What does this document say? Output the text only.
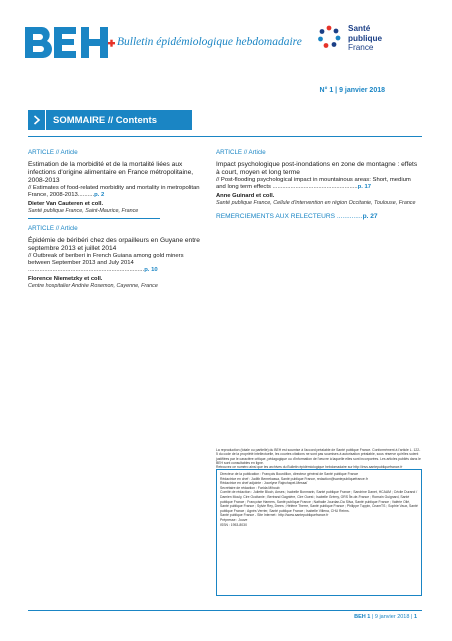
Bulletin épidémiologique hebdomadaire
Santé
publique
France
N° 1 | 9 janvier 2018
SOMMAIRE // Contents
ARTICLE // Article
Estimation de la morbidité et de la mortalité liées aux infections d'origine alimentaire en France métropolitaine, 2008-2013
// Estimates of food-related morbidity and mortality in metropolitan France, 2008-2013..........p. 2
Dieter Van Cauteren et coll.
Santé publique France, Saint-Maurice, France
ARTICLE // Article
Épidémie de béribéri chez des orpailleurs en Guyane entre septembre 2013 et juillet 2014
// Outbreak of beriberi in French Guiana among gold miners between September 2013 and July 2014 .......................................................................p. 10
Florence Niemetzky et coll.
Centre hospitalier Andrée Rosemon, Cayenne, France
ARTICLE // Article
Impact psychologique post-inondations en zone de montagne : effets à court, moyen et long terme
// Post-flooding psychological impact in mountainous areas: Short, medium and long term effects ....................................................p. 17
Anne Guinard et coll.
Santé publique France, Cellule d'intervention en région Occitanie, Toulouse, France
REMERCIEMENTS AUX RELECTEURS ..............p. 27
La reproduction (totale ou partielle) du BEH est soumise à l'accord préalable de Santé publique France. Conformément à l'article L. 122-5 du code de la propriété intellectuelle, les courtes citations ne sont pas soumises à autorisation préalable, sous réserve qu'elles soient justifiées par le caractère critique, pédagogique ou d'information de l'œuvre à laquelle elles sont incorporées. Les articles publiés dans le BEH sont consultables en ligne.
Retrouvez ce numéro ainsi que les archives du Bulletin épidémiologique hebdomadaire sur http://invs.santepubliquefrance.fr

Directeur de la publication : François Bourdillon, directeur général de Santé publique France

Rédactrice en chef : Judith Benrekassa, Santé publique France, redaction@santepubliquefrance.fr

Rédactrice en chef adjointe : Jocelyne Rajnchapel-Messaï

Secrétaire de rédaction : Farida Mihoub

Comité de rédaction : Juliette Bloch, Anses ; Isabelle Bonmarin, Santé publique France ; Sandrine Danet, HCAAM ; Cécile Durand / Damien Mouly, Cire Occitanie ; Bertrand Gagnière, Cire Ouest ; Isabelle Grémy, ORS Île-de-France ; Romain Guignard, Santé publique France ; Françoise Hamers, Santé publique France ; Nathalie Jourdan-Da Silva, Santé publique France ; Valérie Olié, Santé publique France ; Sylvie Rey, Drees ; Hélène Therre, Santé publique France ; Philippe Tuppin, CnamTS ; Sophie Vaux, Santé publique France ; Agnès Verrier, Santé publique France ; Isabelle Villena, CHU Reims.

Santé publique France - Site Internet : http://www.santepubliquefrance.fr

Prépresse : Jouve

ISSN : 1953-8030

BEH 1 | 9 janvier 2018 | 1
